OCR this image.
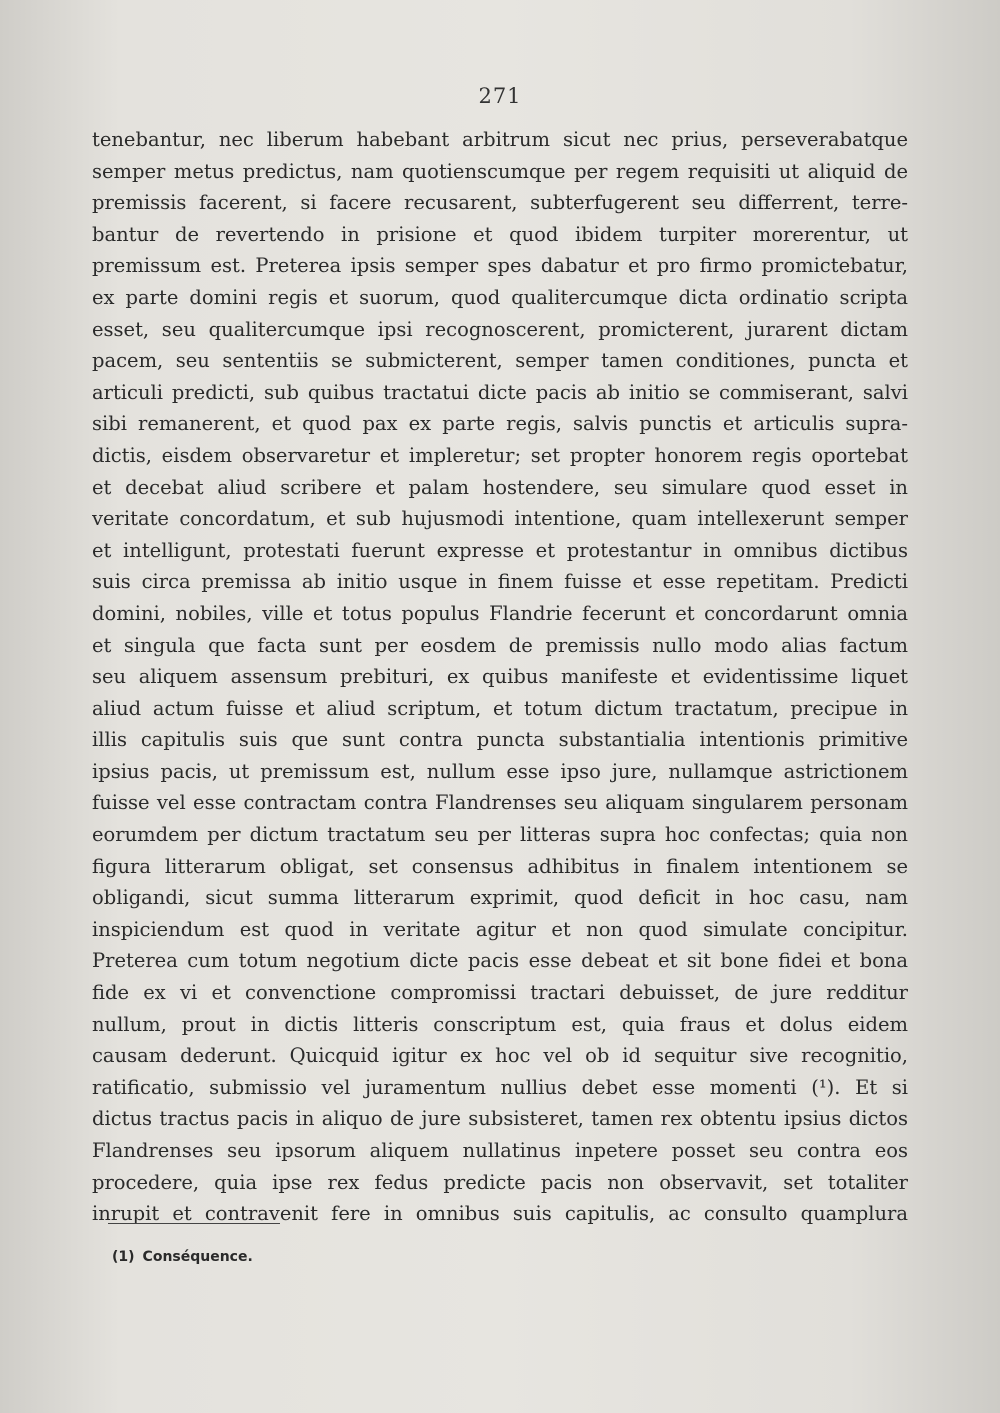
271
tenebantur, nec liberum habebant arbitrum sicut nec prius, perseverabatque
semper metus predictus, nam quotienscumque per regem requisiti ut aliquid de
premissis facerent, si facere recusarent, subterfugerent seu differrent, terre-
bantur de revertendo in prisione et quod ibidem turpiter morerentur, ut
premissum est. Preterea ipsis semper spes dabatur et pro firmo promictebatur,
ex parte domini regis et suorum, quod qualitercumque dicta ordinatio scripta
esset, seu qualitercumque ipsi recognoscerent, promicterent, jurarent dictam
pacem, seu sententiis se submicterent, semper tamen conditiones, puncta et
articuli predicti, sub quibus tractatui dicte pacis ab initio se commiserant, salvi
sibi remanerent, et quod pax ex parte regis, salvis punctis et articulis supra-
dictis, eisdem observaretur et impleretur; set propter honorem regis oportebat
et decebat aliud scribere et palam hostendere, seu simulare quod esset in
veritate concordatum, et sub hujusmodi intentione, quam intellexerunt semper
et intelligunt, protestati fuerunt expresse et protestantur in omnibus dictibus
suis circa premissa ab initio usque in finem fuisse et esse repetitam. Predicti
domini, nobiles, ville et totus populus Flandrie fecerunt et concordarunt omnia
et singula que facta sunt per eosdem de premissis nullo modo alias factum
seu aliquem assensum prebituri, ex quibus manifeste et evidentissime liquet
aliud actum fuisse et aliud scriptum, et totum dictum tractatum, precipue in
illis capitulis suis que sunt contra puncta substantialia intentionis primitive
ipsius pacis, ut premissum est, nullum esse ipso jure, nullamque astrictionem
fuisse vel esse contractam contra Flandrenses seu aliquam singularem personam
eorumdem per dictum tractatum seu per litteras supra hoc confectas; quia non
figura litterarum obligat, set consensus adhibitus in finalem intentionem se
obligandi, sicut summa litterarum exprimit, quod deficit in hoc casu, nam
inspiciendum est quod in veritate agitur et non quod simulate concipitur.
Preterea cum totum negotium dicte pacis esse debeat et sit bone fidei et bona
fide ex vi et convenctione compromissi tractari debuisset, de jure redditur
nullum, prout in dictis litteris conscriptum est, quia fraus et dolus eidem
causam dederunt. Quicquid igitur ex hoc vel ob id sequitur sive recognitio,
ratificatio, submissio vel juramentum nullius debet esse momenti (¹). Et si
dictus tractus pacis in aliquo de jure subsisteret, tamen rex obtentu ipsius dictos
Flandrenses seu ipsorum aliquem nullatinus inpetere posset seu contra eos
procedere, quia ipse rex fedus predicte pacis non observavit, set totaliter
inrupit et contravenit fere in omnibus suis capitulis, ac consulto quamplura
(1) Conséquence.
